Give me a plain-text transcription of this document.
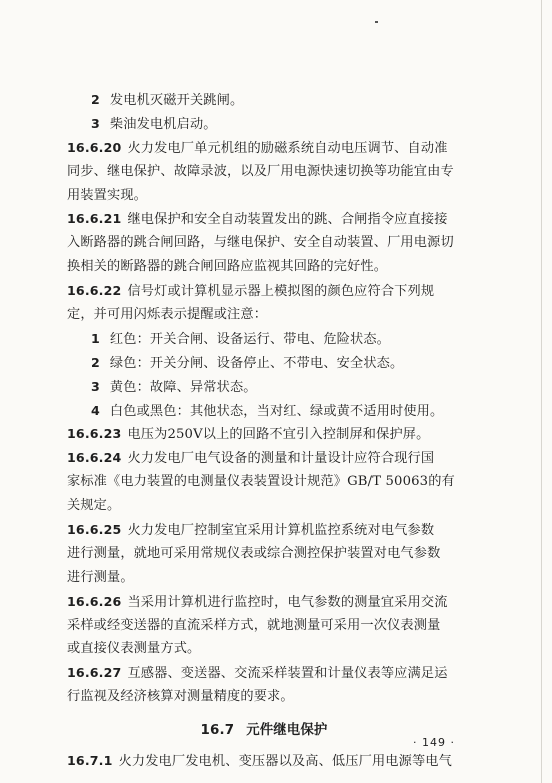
2 发电机灭磁开关跳闸。
3 柴油发电机启动。
16.6.20 火力发电厂单元机组的励磁系统自动电压调节、自动准
同步、继电保护、故障录波，以及厂用电源快速切换等功能宜由专
用装置实现。
16.6.21 继电保护和安全自动装置发出的跳、合闸指令应直接接
入断路器的跳合闸回路，与继电保护、安全自动装置、厂用电源切
换相关的断路器的跳合闸回路应监视其回路的完好性。
16.6.22 信号灯或计算机显示器上模拟图的颜色应符合下列规
定，并可用闪烁表示提醒或注意：
1 红色：开关合闸、设备运行、带电、危险状态。
2 绿色：开关分闸、设备停止、不带电、安全状态。
3 黄色：故障、异常状态。
4 白色或黑色：其他状态，当对红、绿或黄不适用时使用。
16.6.23 电压为250V以上的回路不宜引入控制屏和保护屏。
16.6.24 火力发电厂电气设备的测量和计量设计应符合现行国
家标准《电力装置的电测量仪表装置设计规范》GB/T 50063的有
关规定。
16.6.25 火力发电厂控制室宜采用计算机监控系统对电气参数
进行测量，就地可采用常规仪表或综合测控保护装置对电气参数
进行测量。
16.6.26 当采用计算机进行监控时，电气参数的测量宜采用交流
采样或经变送器的直流采样方式，就地测量可采用一次仪表测量
或直接仪表测量方式。
16.6.27 互感器、变送器、交流采样装置和计量仪表等应满足运
行监视及经济核算对测量精度的要求。
16.7 元件继电保护
16.7.1 火力发电厂发电机、变压器以及高、低压厂用电源等电气
· 149 ·
